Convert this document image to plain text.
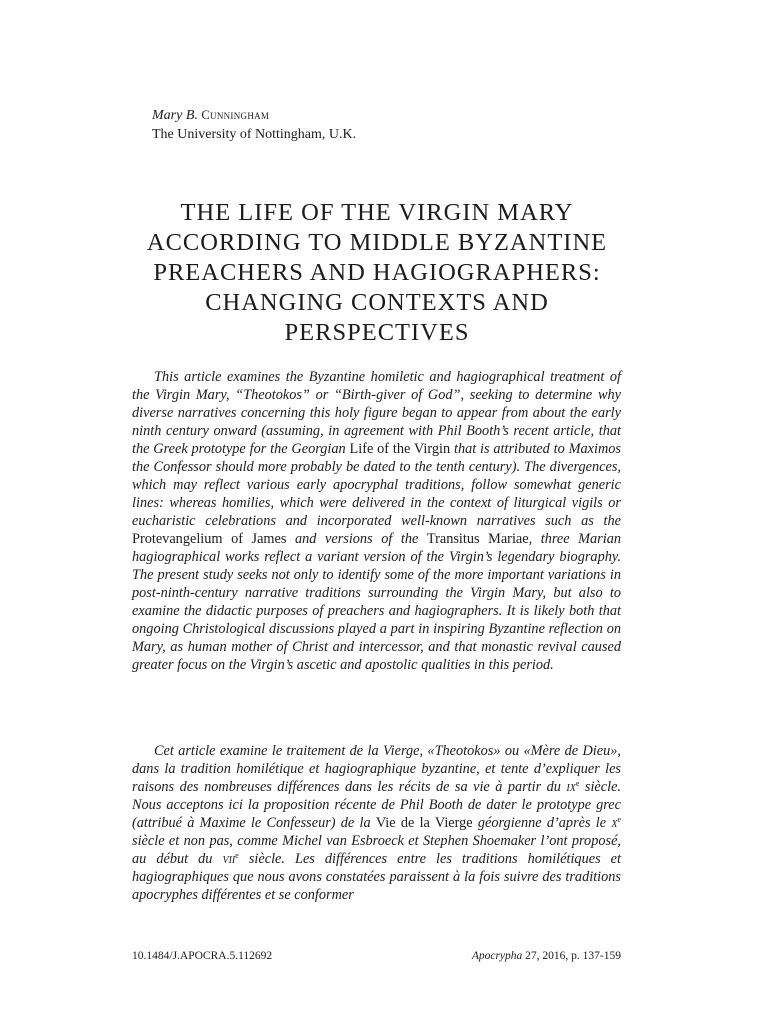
Mary B. Cunningham
The University of Nottingham, U.K.
THE LIFE OF THE VIRGIN MARY ACCORDING TO MIDDLE BYZANTINE PREACHERS AND HAGIOGRAPHERS: CHANGING CONTEXTS AND PERSPECTIVES

This article examines the Byzantine homiletic and hagiographical treatment of the Virgin Mary, “Theotokos” or “Birth-giver of God”, seeking to determine why diverse narratives concerning this holy figure began to appear from about the early ninth century onward (assuming, in agreement with Phil Booth’s recent article, that the Greek prototype for the Georgian Life of the Virgin that is attributed to Maximos the Confessor should more probably be dated to the tenth century). The divergences, which may reflect various early apocryphal traditions, follow somewhat generic lines: whereas homilies, which were delivered in the context of liturgical vigils or eucharistic celebrations and incorporated well-known narratives such as the Protevangelium of James and versions of the Transitus Mariae, three Marian hagiographical works reflect a variant version of the Virgin’s legendary biography. The present study seeks not only to identify some of the more important variations in post-ninth-century narrative traditions surrounding the Virgin Mary, but also to examine the didactic purposes of preachers and hagiographers. It is likely both that ongoing Christological discussions played a part in inspiring Byzantine reflection on Mary, as human mother of Christ and intercessor, and that monastic revival caused greater focus on the Virgin’s ascetic and apostolic qualities in this period.

Cet article examine le traitement de la Vierge, «Theotokos» ou «Mère de Dieu», dans la tradition homilétique et hagiographique byzantine, et tente d’expliquer les raisons des nombreuses différences dans les récits de sa vie à partir du $ix^e$ siècle. Nous acceptons ici la proposition récente de Phil Booth de dater le prototype grec (attribué à Maxime le Confesseur) de la Vie de la Vierge géorgienne d’après le $x^e$ siècle et non pas, comme Michel van Esbroeck et Stephen Shoemaker l’ont proposé, au début du vii$^e$ siècle. Les différences entre les traditions homilétiques et hagiographiques que nous avons constatées paraissent à la fois suivre des traditions apocryphes différentes et se conformer

10.1484/J.APOCRA.5.112692	Apocrypha 27, 2016, p. 137-159
